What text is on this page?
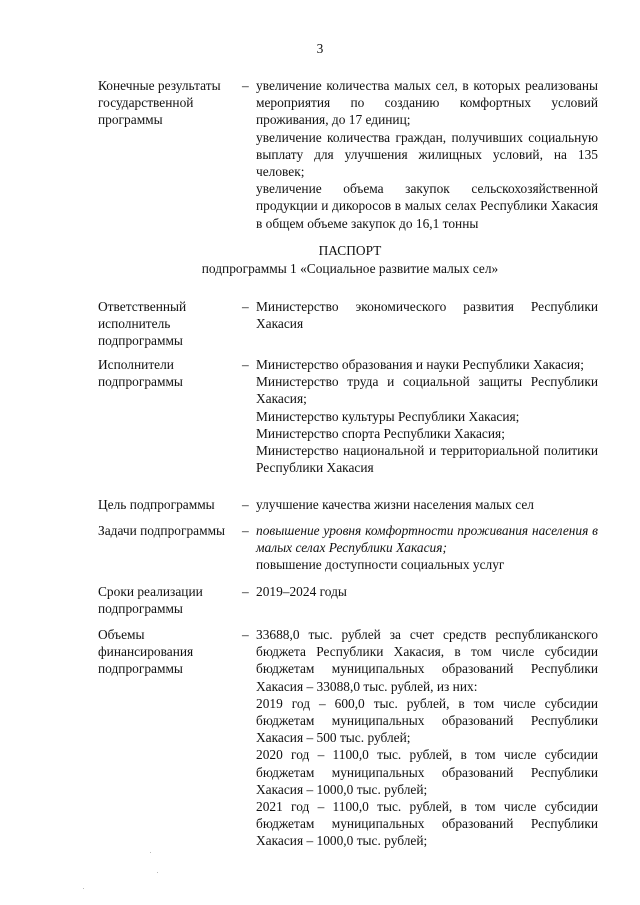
3
Конечные результаты государственной программы
– увеличение количества малых сел, в которых реализованы мероприятия по созданию комфортных условий проживания, до 17 единиц;

увеличение количества граждан, получивших социальную выплату для улучшения жилищных условий, на 135 человек;

увеличение объема закупок сельскохозяйственной продукции и дикоросов в малых селах Республики Хакасия в общем объеме закупок до 16,1 тонны

ПАСПОРТ
подпрограммы 1 «Социальное развитие малых сел»
Ответственный исполнитель подпрограммы
– Министерство экономического развития Республики Хакасия

Исполнители подпрограммы
– Министерство образования и науки Республики Хакасия;

Министерство труда и социальной защиты Республики Хакасия;

Министерство культуры Республики Хакасия;

Министерство спорта Республики Хакасия;

Министерство национальной и территориальной политики Республики Хакасия

Цель подпрограммы	– улучшение качества жизни населения малых сел

Задачи подпрограммы	– повышение уровня комфортности проживания населения в малых селах Республики Хакасия;

повышение доступности социальных услуг

Сроки реализации подпрограммы
– 2019–2024 годы

Объемы финансирования подпрограммы
– 33688,0 тыс. рублей за счет средств республиканского бюджета Республики Хакасия, в том числе субсидии бюджетам муниципальных образований Республики Хакасия – 33088,0 тыс. рублей, из них:

2019 год – 600,0 тыс. рублей, в том числе субсидии бюджетам муниципальных образований Республики Хакасия – 500 тыс. рублей;

2020 год – 1100,0 тыс. рублей, в том числе субсидии бюджетам муниципальных образований Республики Хакасия – 1000,0 тыс. рублей;

2021 год – 1100,0 тыс. рублей, в том числе субсидии бюджетам муниципальных образований Республики Хакасия – 1000,0 тыс. рублей;
